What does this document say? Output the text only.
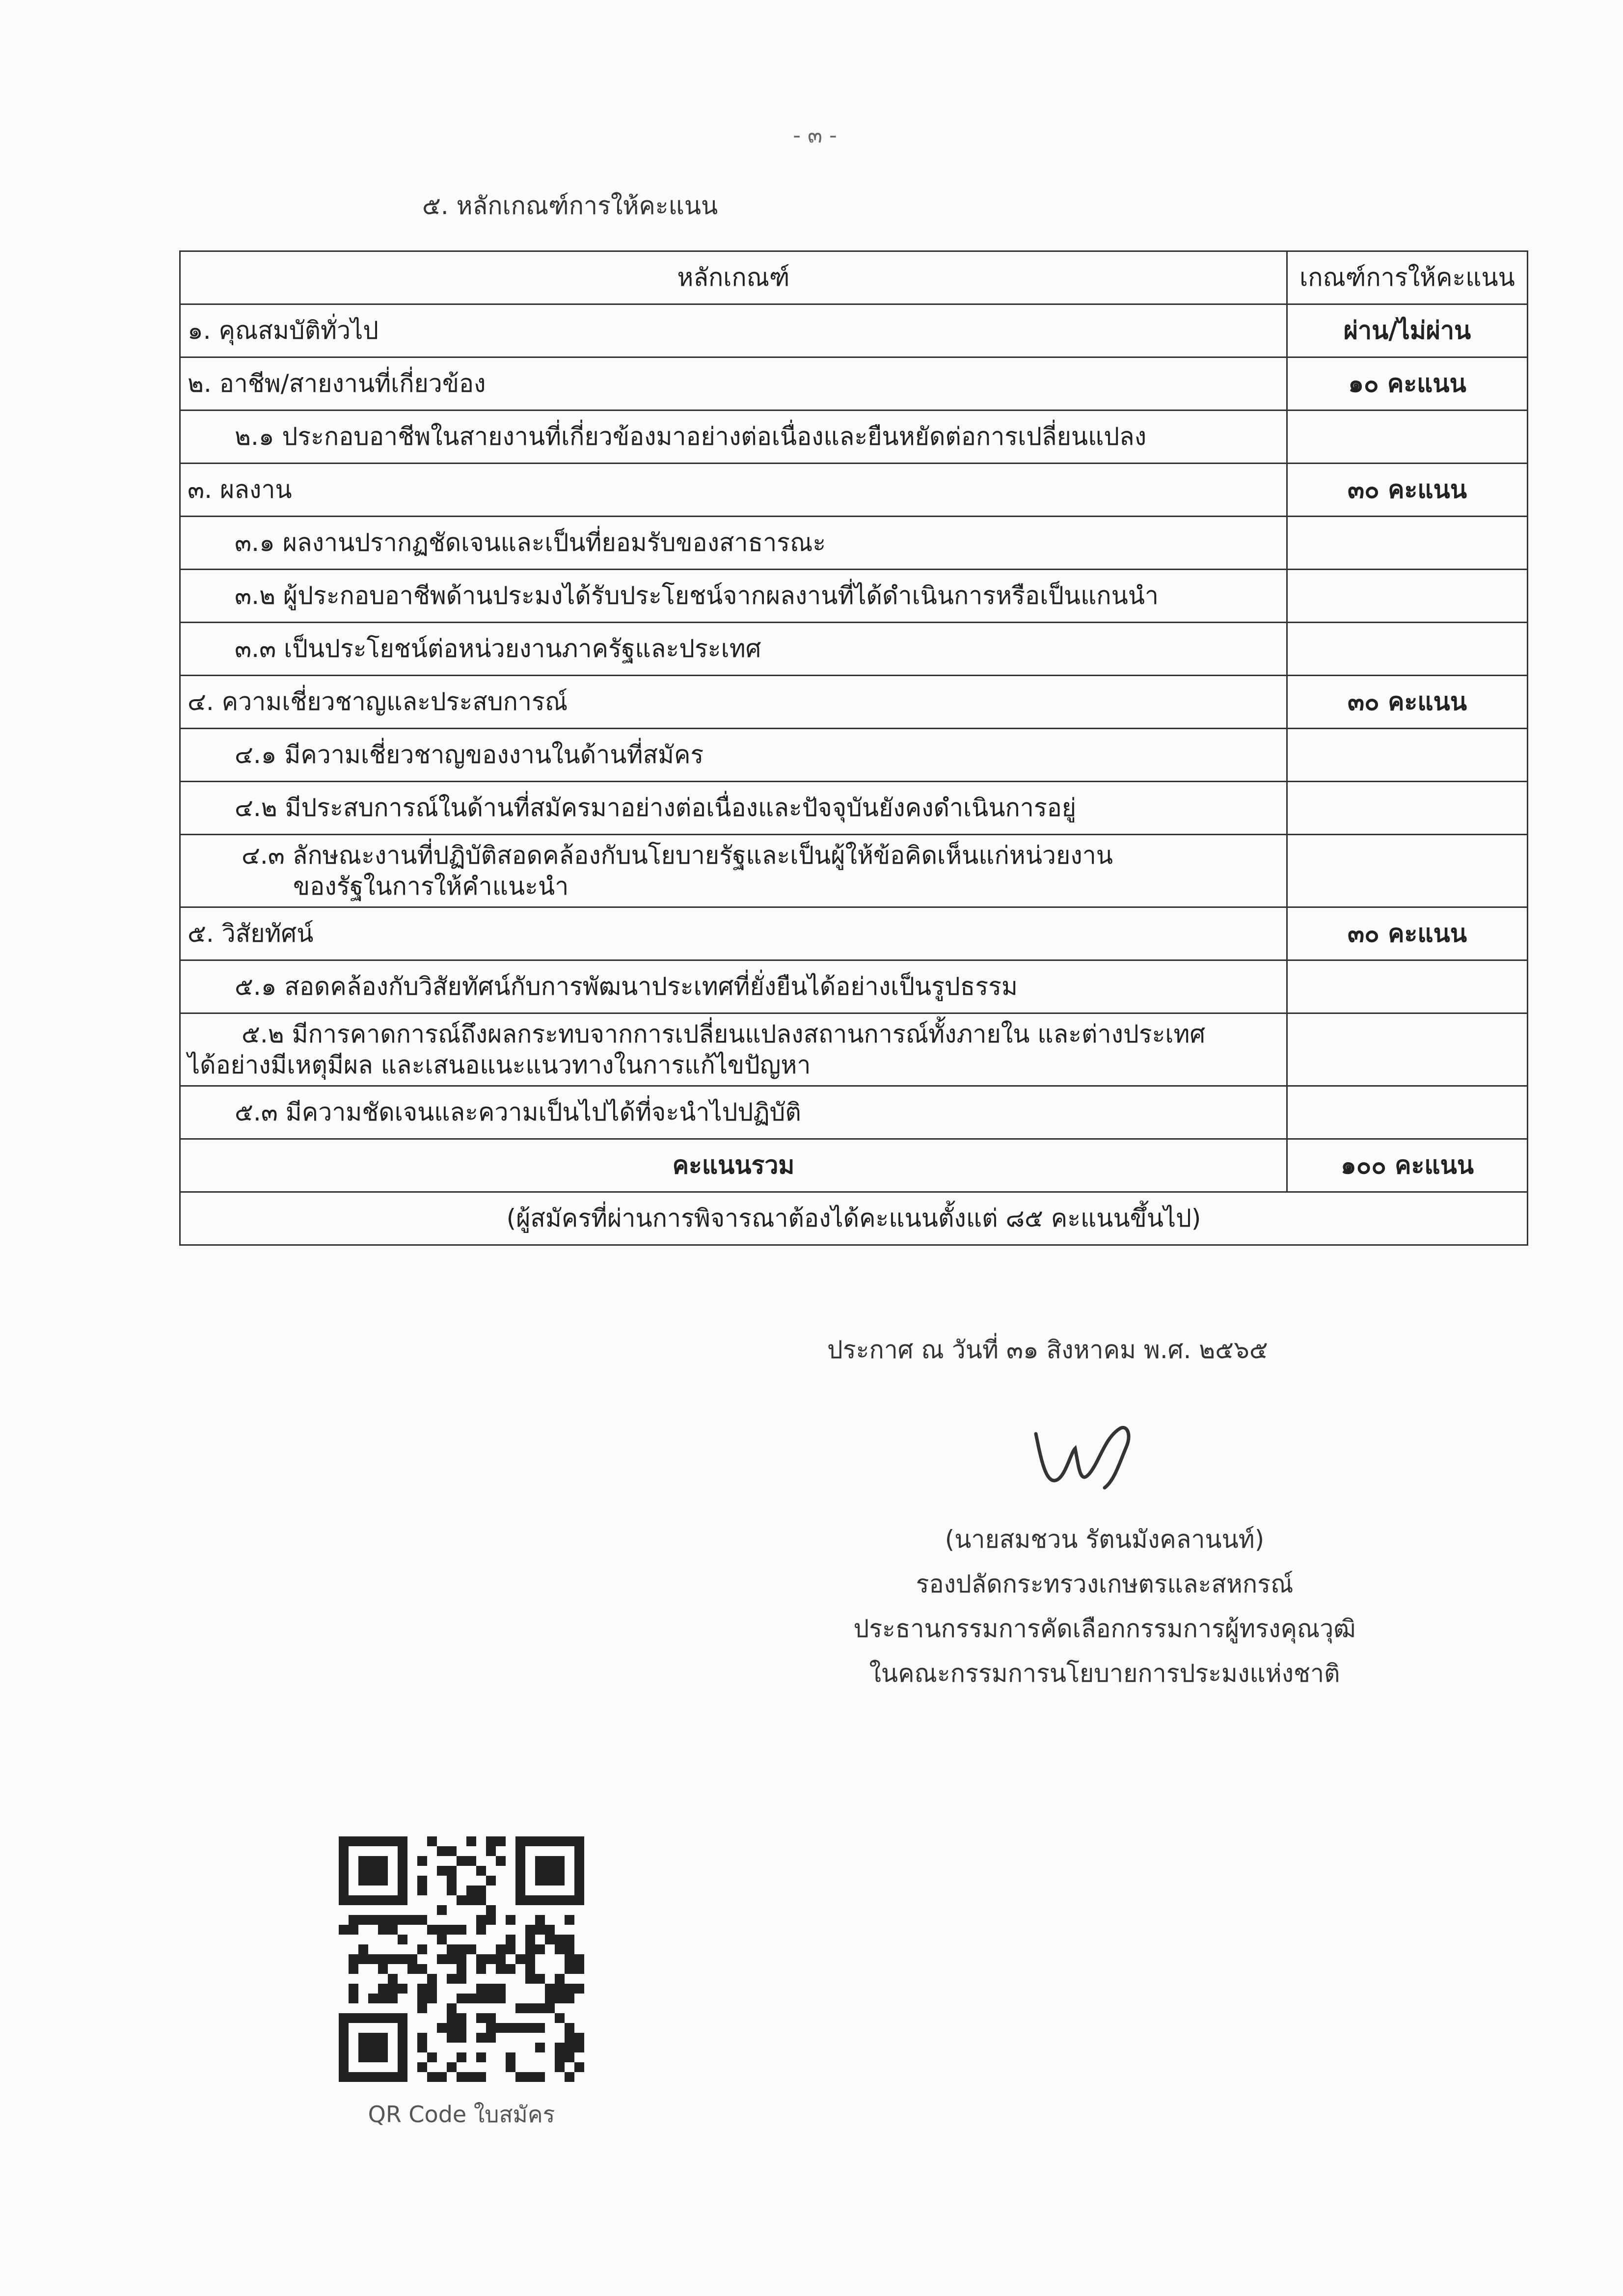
- ๓ -
๕. หลักเกณฑ์การให้คะแนน
หลักเกณฑ์	เกณฑ์การให้คะแนน
๑. คุณสมบัติทั่วไป	ผ่าน/ไม่ผ่าน
๒. อาชีพ/สายงานที่เกี่ยวข้อง	๑๐ คะแนน
๒.๑ ประกอบอาชีพในสายงานที่เกี่ยวข้องมาอย่างต่อเนื่องและยืนหยัดต่อการเปลี่ยนแปลง	
๓. ผลงาน	๓๐ คะแนน
๓.๑ ผลงานปรากฏชัดเจนและเป็นที่ยอมรับของสาธารณะ	
๓.๒ ผู้ประกอบอาชีพด้านประมงได้รับประโยชน์จากผลงานที่ได้ดำเนินการหรือเป็นแกนนำ	
๓.๓ เป็นประโยชน์ต่อหน่วยงานภาครัฐและประเทศ	
๔. ความเชี่ยวชาญและประสบการณ์	๓๐ คะแนน
๔.๑ มีความเชี่ยวชาญของงานในด้านที่สมัคร	
๔.๒ มีประสบการณ์ในด้านที่สมัครมาอย่างต่อเนื่องและปัจจุบันยังคงดำเนินการอยู่	

๔.๓ ลักษณะงานที่ปฏิบัติสอดคล้องกับนโยบายรัฐและเป็นผู้ให้ข้อคิดเห็นแก่หน่วยงาน
ของรัฐในการให้คำแนะนำ	

๕. วิสัยทัศน์	๓๐ คะแนน
๕.๑ สอดคล้องกับวิสัยทัศน์กับการพัฒนาประเทศที่ยั่งยืนได้อย่างเป็นรูปธรรม	

๕.๒ มีการคาดการณ์ถึงผลกระทบจากการเปลี่ยนแปลงสถานการณ์ทั้งภายใน และต่างประเทศ
ได้อย่างมีเหตุมีผล และเสนอแนะแนวทางในการแก้ไขปัญหา	

๕.๓ มีความชัดเจนและความเป็นไปได้ที่จะนำไปปฏิบัติ	
คะแนนรวม	๑๐๐ คะแนน
(ผู้สมัครที่ผ่านการพิจารณาต้องได้คะแนนตั้งแต่ ๘๕ คะแนนขึ้นไป)	
ประกาศ ณ วันที่ ๓๑ สิงหาคม พ.ศ. ๒๕๖๕
(นายสมชวน รัตนมังคลานนท์)
รองปลัดกระทรวงเกษตรและสหกรณ์
ประธานกรรมการคัดเลือกกรรมการผู้ทรงคุณวุฒิ
ในคณะกรรมการนโยบายการประมงแห่งชาติ
QR Code ใบสมัคร
